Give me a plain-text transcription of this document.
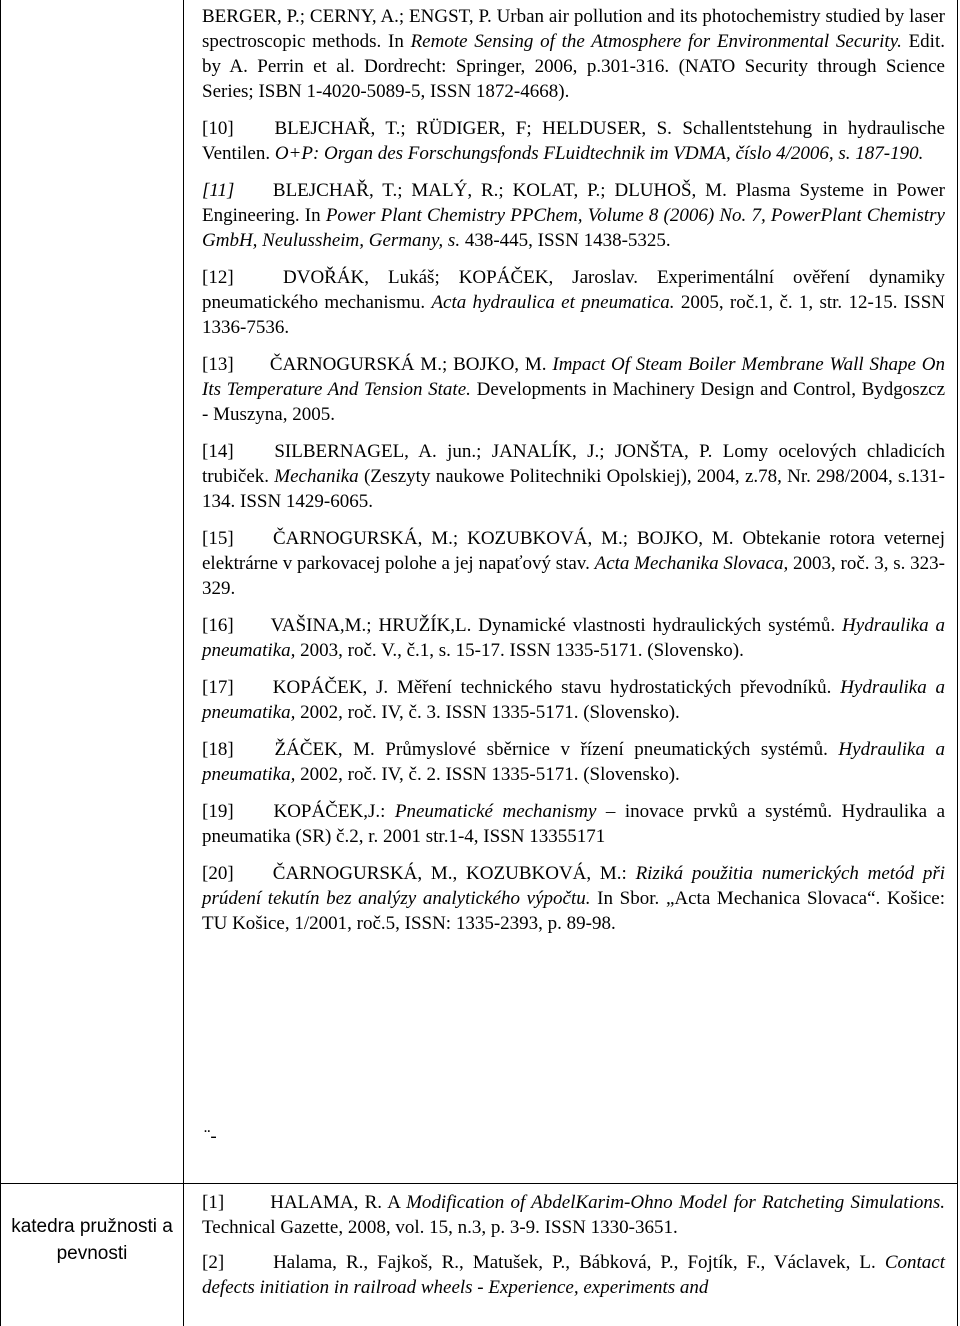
BERGER, P.; CERNY, A.; ENGST, P. Urban air pollution and its photochemistry studied by laser spectroscopic methods. In Remote Sensing of the Atmosphere for Environmental Security. Edit. by A. Perrin et al. Dordrecht: Springer, 2006, p.301-316. (NATO Security through Science Series; ISBN 1-4020-5089-5, ISSN 1872-4668).

[10] BLEJCHAŘ, T.; RÜDIGER, F; HELDUSER, S. Schallentstehung in hydraulische Ventilen. O+P: Organ des Forschungsfonds FLuidtechnik im VDMA, číslo 4/2006, s. 187-190.

[11] BLEJCHAŘ, T.; MALÝ, R.; KOLAT, P.; DLUHOŠ, M. Plasma Systeme in Power Engineering. In Power Plant Chemistry PPChem, Volume 8 (2006) No. 7, PowerPlant Chemistry GmbH, Neulussheim, Germany, s. 438-445, ISSN 1438-5325.

[12]	DVOŘÁK, Lukáš; KOPÁČEK, Jaroslav. Experimentální ověření dynamiky pneumatického mechanismu. Acta hydraulica et pneumatica. 2005, roč.1, č. 1, str. 12-15. ISSN 1336-7536.

[13] ČARNOGURSKÁ M.; BOJKO, M. Impact Of Steam Boiler Membrane Wall Shape On Its Temperature And Tension State. Developments in Machinery Design and Control, Bydgoszcz - Muszyna, 2005.

[14] SILBERNAGEL, A. jun.; JANALÍK, J.; JONŠTA, P. Lomy ocelových chladicích trubiček. Mechanika (Zeszyty naukowe Politechniki Opolskiej), 2004, z.78, Nr. 298/2004, s.131-134. ISSN 1429-6065.

[15] ČARNOGURSKÁ, M.; KOZUBKOVÁ, M.; BOJKO, M. Obtekanie rotora veternej elektrárne v parkovacej polohe a jej napaťový stav. Acta Mechanika Slovaca, 2003, roč. 3, s. 323-329.

[16] VAŠINA,M.; HRUŽÍK,L. Dynamické vlastnosti hydraulických systémů. Hydraulika a pneumatika, 2003, roč. V., č.1, s. 15-17. ISSN 1335-5171. (Slovensko).

[17] KOPÁČEK, J. Měření technického stavu hydrostatických převodníků. Hydraulika a pneumatika, 2002, roč. IV, č. 3. ISSN 1335-5171. (Slovensko).

[18] ŽÁČEK, M. Průmyslové sběrnice v řízení pneumatických systémů. Hydraulika a pneumatika, 2002, roč. IV, č. 2. ISSN 1335-5171. (Slovensko).

[19] KOPÁČEK,J.: Pneumatické mechanismy – inovace prvků a systémů. Hydraulika a pneumatika (SR) č.2, r. 2001 str.1-4, ISSN 13355171

[20] ČARNOGURSKÁ, M., KOZUBKOVÁ, M.: Riziká použitia numerických metód při prúdení tekutín bez analýzy analytického výpočtu. In Sbor. „Acta Mechanica Slovaca“. Košice: TU Košice, 1/2001, roč.5, ISSN: 1335-2393, p. 89-98.

¨-
katedra pružnosti a pevnosti

[1] HALAMA, R. A Modification of AbdelKarim-Ohno Model for Ratcheting Simulations. Technical Gazette, 2008, vol. 15, n.3, p. 3-9. ISSN 1330-3651.

[2]	Halama, R., Fajkoš, R., Matušek, P., Bábková, P., Fojtík, F., Václavek, L. Contact defects initiation in railroad wheels - Experience, experiments and
